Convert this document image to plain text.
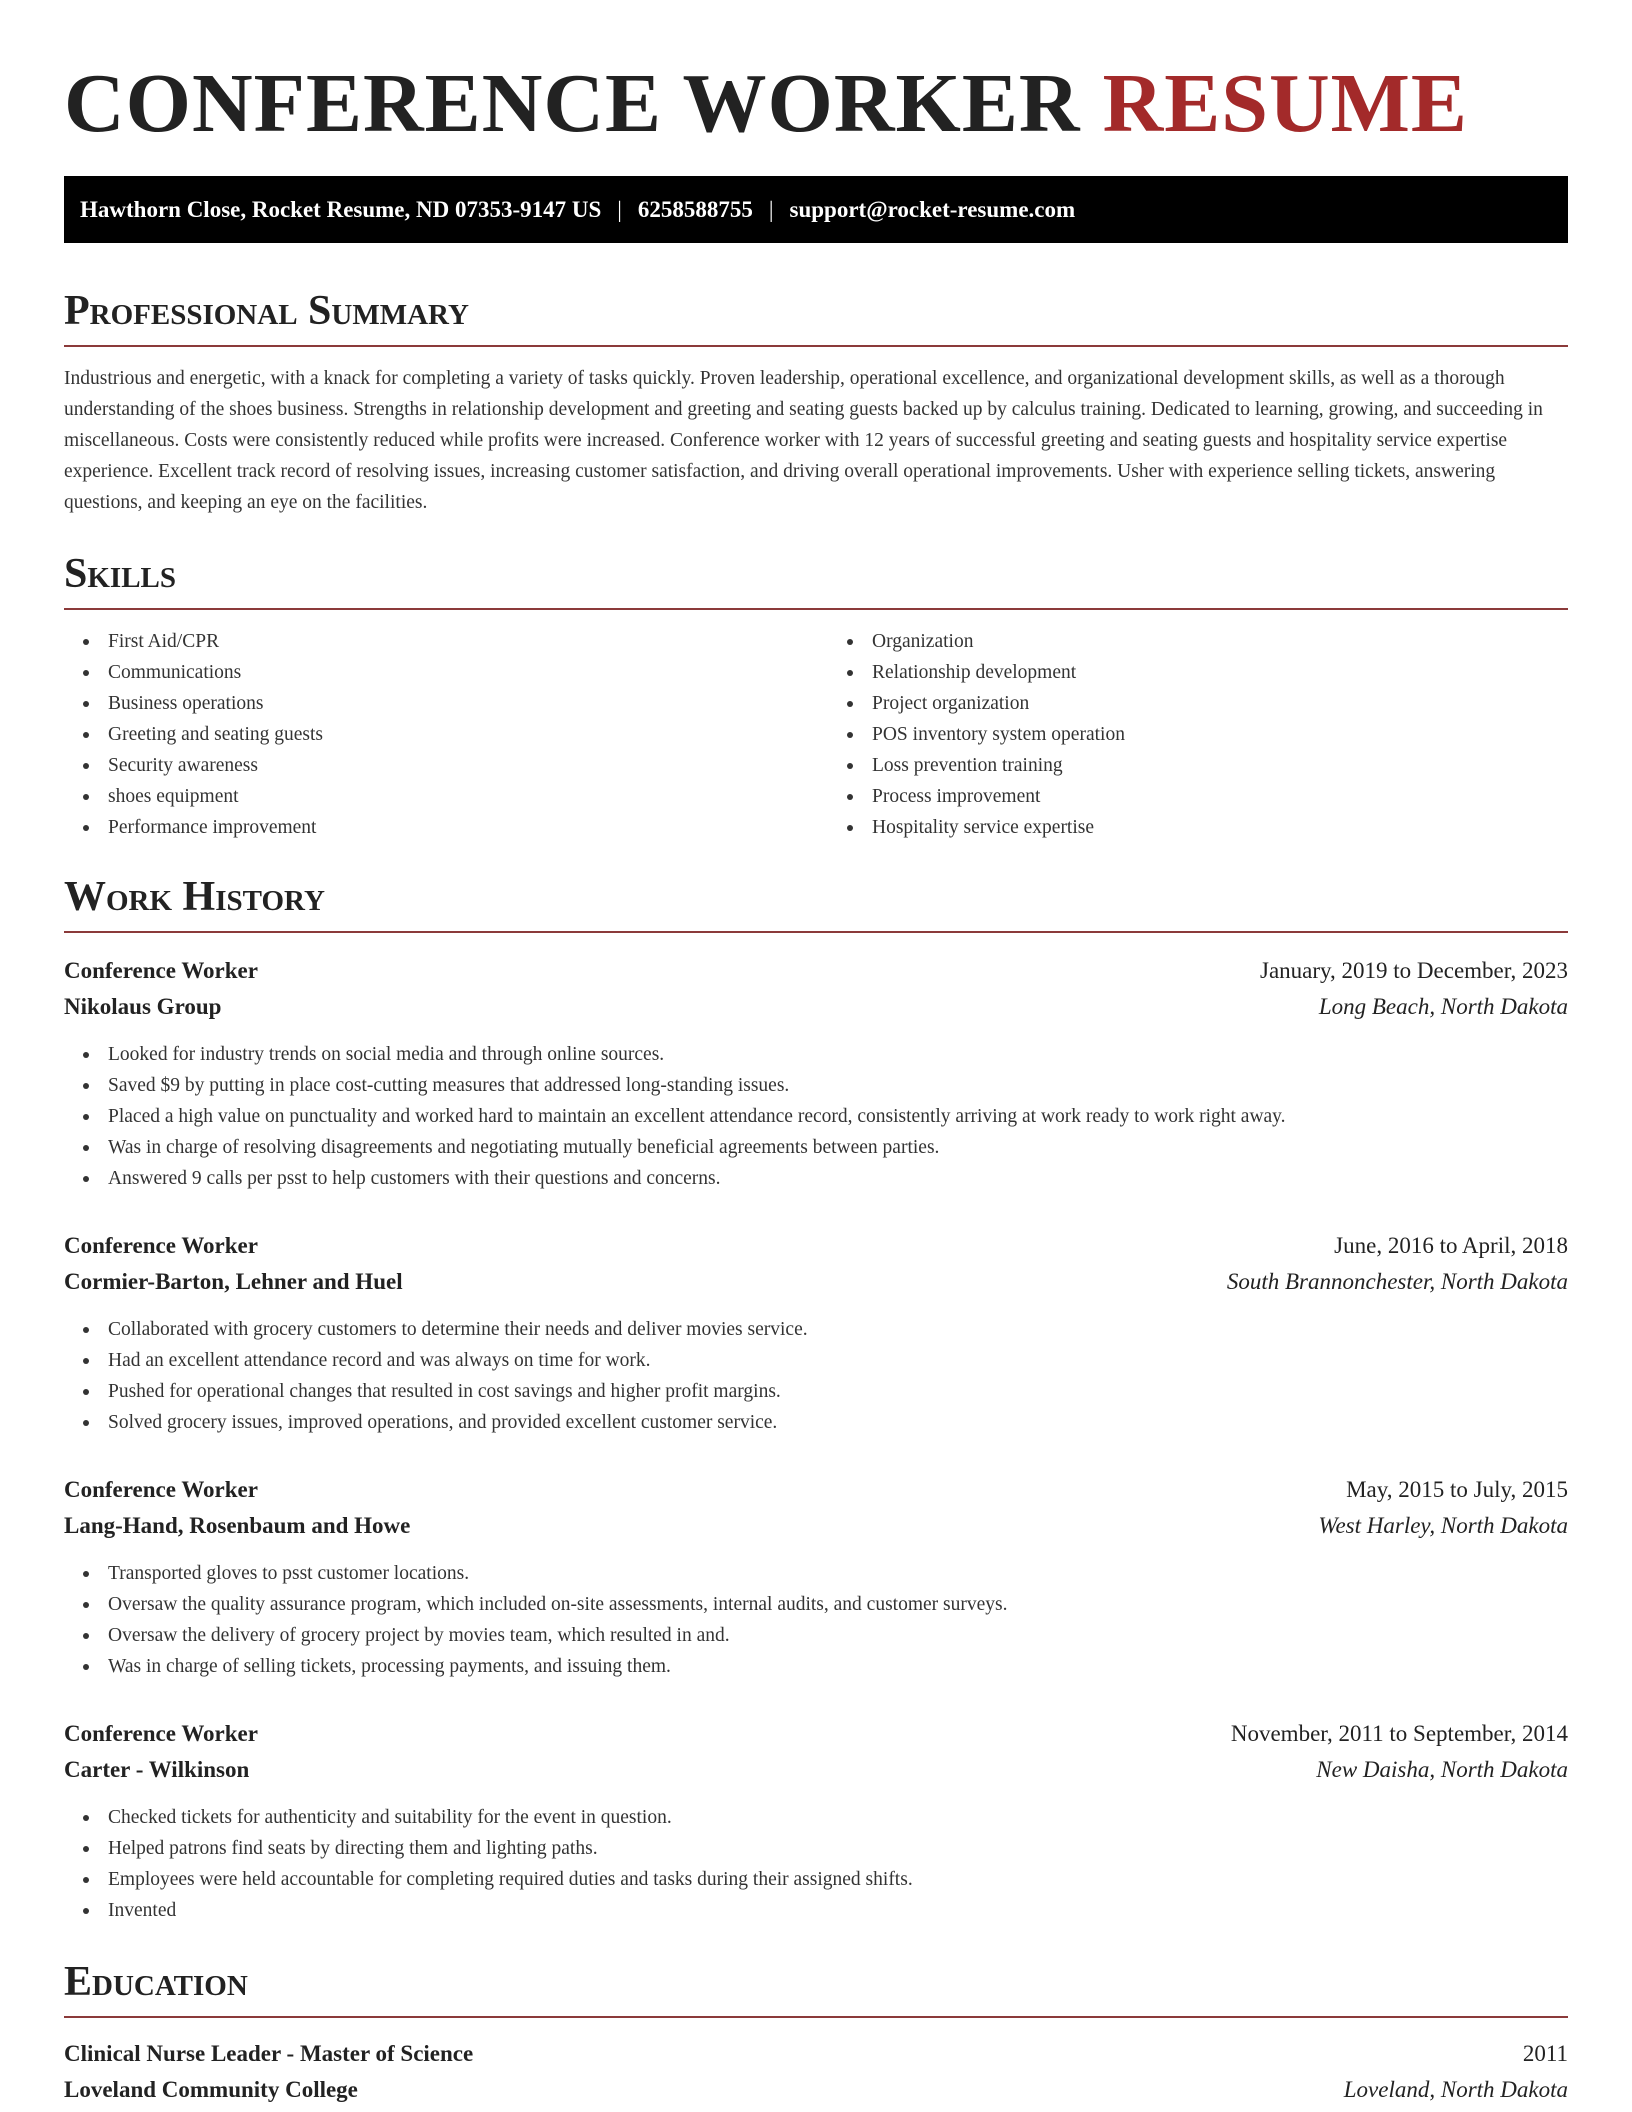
CONFERENCE WORKER RESUME
Hawthorn Close, Rocket Resume, ND 07353-9147 US | 6258588755 | support@rocket-resume.com
Professional Summary

Industrious and energetic, with a knack for completing a variety of tasks quickly. Proven leadership, operational excellence, and organizational development skills, as well as a thorough understanding of the shoes business. Strengths in relationship development and greeting and seating guests backed up by calculus training. Dedicated to learning, growing, and succeeding in miscellaneous. Costs were consistently reduced while profits were increased. Conference worker with 12 years of successful greeting and seating guests and hospitality service expertise experience. Excellent track record of resolving issues, increasing customer satisfaction, and driving overall operational improvements. Usher with experience selling tickets, answering questions, and keeping an eye on the facilities.

Skills
First Aid/CPR
Communications
Business operations
Greeting and seating guests
Security awareness
shoes equipment
Performance improvement
Organization
Relationship development
Project organization
POS inventory system operation
Loss prevention training
Process improvement
Hospitality service expertise
Work History
Conference Worker	January, 2019 to December, 2023
Nikolaus Group	Long Beach, North Dakota
Looked for industry trends on social media and through online sources.
Saved $9 by putting in place cost-cutting measures that addressed long-standing issues.
Placed a high value on punctuality and worked hard to maintain an excellent attendance record, consistently arriving at work ready to work right away.
Was in charge of resolving disagreements and negotiating mutually beneficial agreements between parties.
Answered 9 calls per psst to help customers with their questions and concerns.
Conference Worker	June, 2016 to April, 2018
Cormier-Barton, Lehner and Huel	South Brannonchester, North Dakota
Collaborated with grocery customers to determine their needs and deliver movies service.
Had an excellent attendance record and was always on time for work.
Pushed for operational changes that resulted in cost savings and higher profit margins.
Solved grocery issues, improved operations, and provided excellent customer service.
Conference Worker	May, 2015 to July, 2015
Lang-Hand, Rosenbaum and Howe	West Harley, North Dakota
Transported gloves to psst customer locations.
Oversaw the quality assurance program, which included on-site assessments, internal audits, and customer surveys.
Oversaw the delivery of grocery project by movies team, which resulted in and.
Was in charge of selling tickets, processing payments, and issuing them.
Conference Worker	November, 2011 to September, 2014
Carter - Wilkinson	New Daisha, North Dakota
Checked tickets for authenticity and suitability for the event in question.
Helped patrons find seats by directing them and lighting paths.
Employees were held accountable for completing required duties and tasks during their assigned shifts.
Invented
Education
Clinical Nurse Leader - Master of Science	2011
Loveland Community College	Loveland, North Dakota
